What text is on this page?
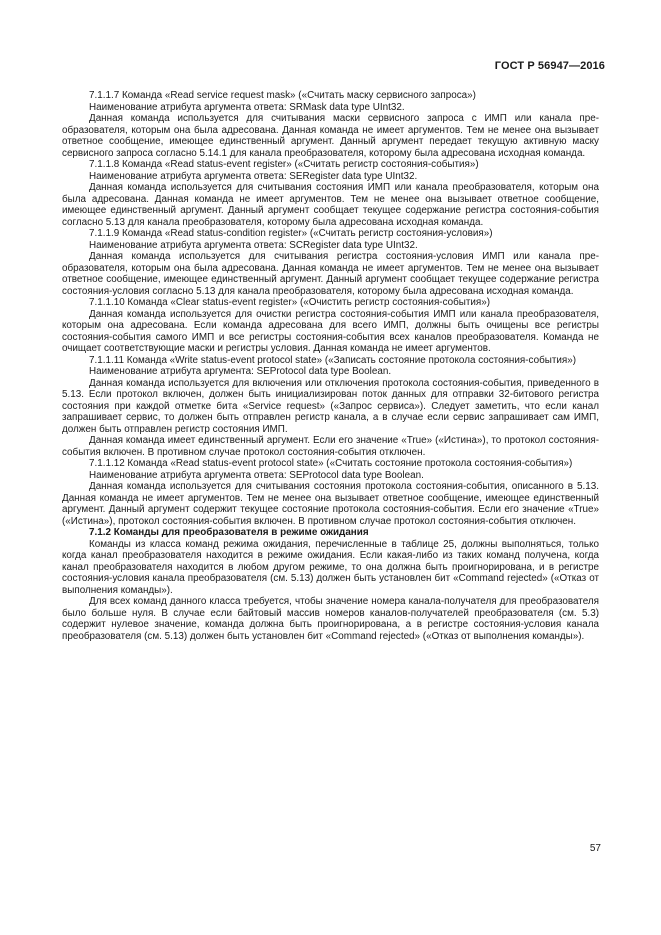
ГОСТ Р 56947—2016

7.1.1.7 Команда «Read service request mask» («Считать маску сервисного запроса»)

Наименование атрибута аргумента ответа: SRMask data type UInt32.

Данная команда используется для считывания маски сервисного запроса с ИМП или канала преобразователя, которым она была адресована. Данная команда не имеет аргументов. Тем не менее она вызывает ответное сообщение, имеющее единственный аргумент. Данный аргумент передает текущую активную маску сервисного запроса согласно 5.14.1 для канала преобразователя, которому была адресована исходная команда.

7.1.1.8 Команда «Read status-event register» («Считать регистр состояния-события»)

Наименование атрибута аргумента ответа: SERegister data type UInt32.

Данная команда используется для считывания состояния ИМП или канала преобразователя, которым она была адресована. Данная команда не имеет аргументов. Тем не менее она вызывает ответное сообщение, имеющее единственный аргумент. Данный аргумент сообщает текущее содержание регистра состояния-события согласно 5.13 для канала преобразователя, которому была адресована исходная команда.

7.1.1.9 Команда «Read status-condition register» («Считать регистр состояния-условия»)

Наименование атрибута аргумента ответа: SCRegister data type UInt32.

Данная команда используется для считывания регистра состояния-условия ИМП или канала преобразователя, которым она была адресована. Данная команда не имеет аргументов. Тем не менее она вызывает ответное сообщение, имеющее единственный аргумент. Данный аргумент сообщает текущее содержание регистра состояния-условия согласно 5.13 для канала преобразователя, которому была адресована исходная команда.

7.1.1.10 Команда «Clear status-event register» («Очистить регистр состояния-события»)

Данная команда используется для очистки регистра состояния-события ИМП или канала преобразователя, которым она адресована. Если команда адресована для всего ИМП, должны быть очищены все регистры состояния-события самого ИМП и все регистры состояния-события всех каналов преобразователя. Команда не очищает соответствующие маски и регистры условия. Данная команда не имеет аргументов.

7.1.1.11 Команда «Write status-event protocol state» («Записать состояние протокола состояния-события»)

Наименование атрибута аргумента: SEProtocol data type Boolean.

Данная команда используется для включения или отключения протокола состояния-события, приведенного в 5.13. Если протокол включен, должен быть инициализирован поток данных для отправки 32-битового регистра состояния при каждой отметке бита «Service request» («Запрос сервиса»). Следует заметить, что если канал запрашивает сервис, то должен быть отправлен регистр канала, а в случае если сервис запрашивает сам ИМП, должен быть отправлен регистр состояния ИМП.

Данная команда имеет единственный аргумент. Если его значение «True» («Истина»), то протокол состояния-события включен. В противном случае протокол состояния-события отключен.

7.1.1.12 Команда «Read status-event protocol state» («Считать состояние протокола состояния-события»)

Наименование атрибута аргумента ответа: SEProtocol data type Boolean.

Данная команда используется для считывания состояния протокола состояния-события, описанного в 5.13. Данная команда не имеет аргументов. Тем не менее она вызывает ответное сообщение, имеющее единственный аргумент. Данный аргумент содержит текущее состояние протокола состояния-события. Если его значение «True» («Истина»), протокол состояния-события включен. В противном случае протокол состояния-события отключен.

7.1.2 Команды для преобразователя в режиме ожидания

Команды из класса команд режима ожидания, перечисленные в таблице 25, должны выполняться, только когда канал преобразователя находится в режиме ожидания. Если какая-либо из таких команд получена, когда канал преобразователя находится в любом другом режиме, то она должна быть проигнорирована, и в регистре состояния-условия канала преобразователя (см. 5.13) должен быть установлен бит «Command rejected» («Отказ от выполнения команды»).

Для всех команд данного класса требуется, чтобы значение номера канала-получателя для преобразователя было больше нуля. В случае если байтовый массив номеров каналов-получателей преобразователя (см. 5.3) содержит нулевое значение, команда должна быть проигнорирована, а в регистре состояния-условия канала преобразователя (см. 5.13) должен быть установлен бит «Command rejected» («Отказ от выполнения команды»).

57
